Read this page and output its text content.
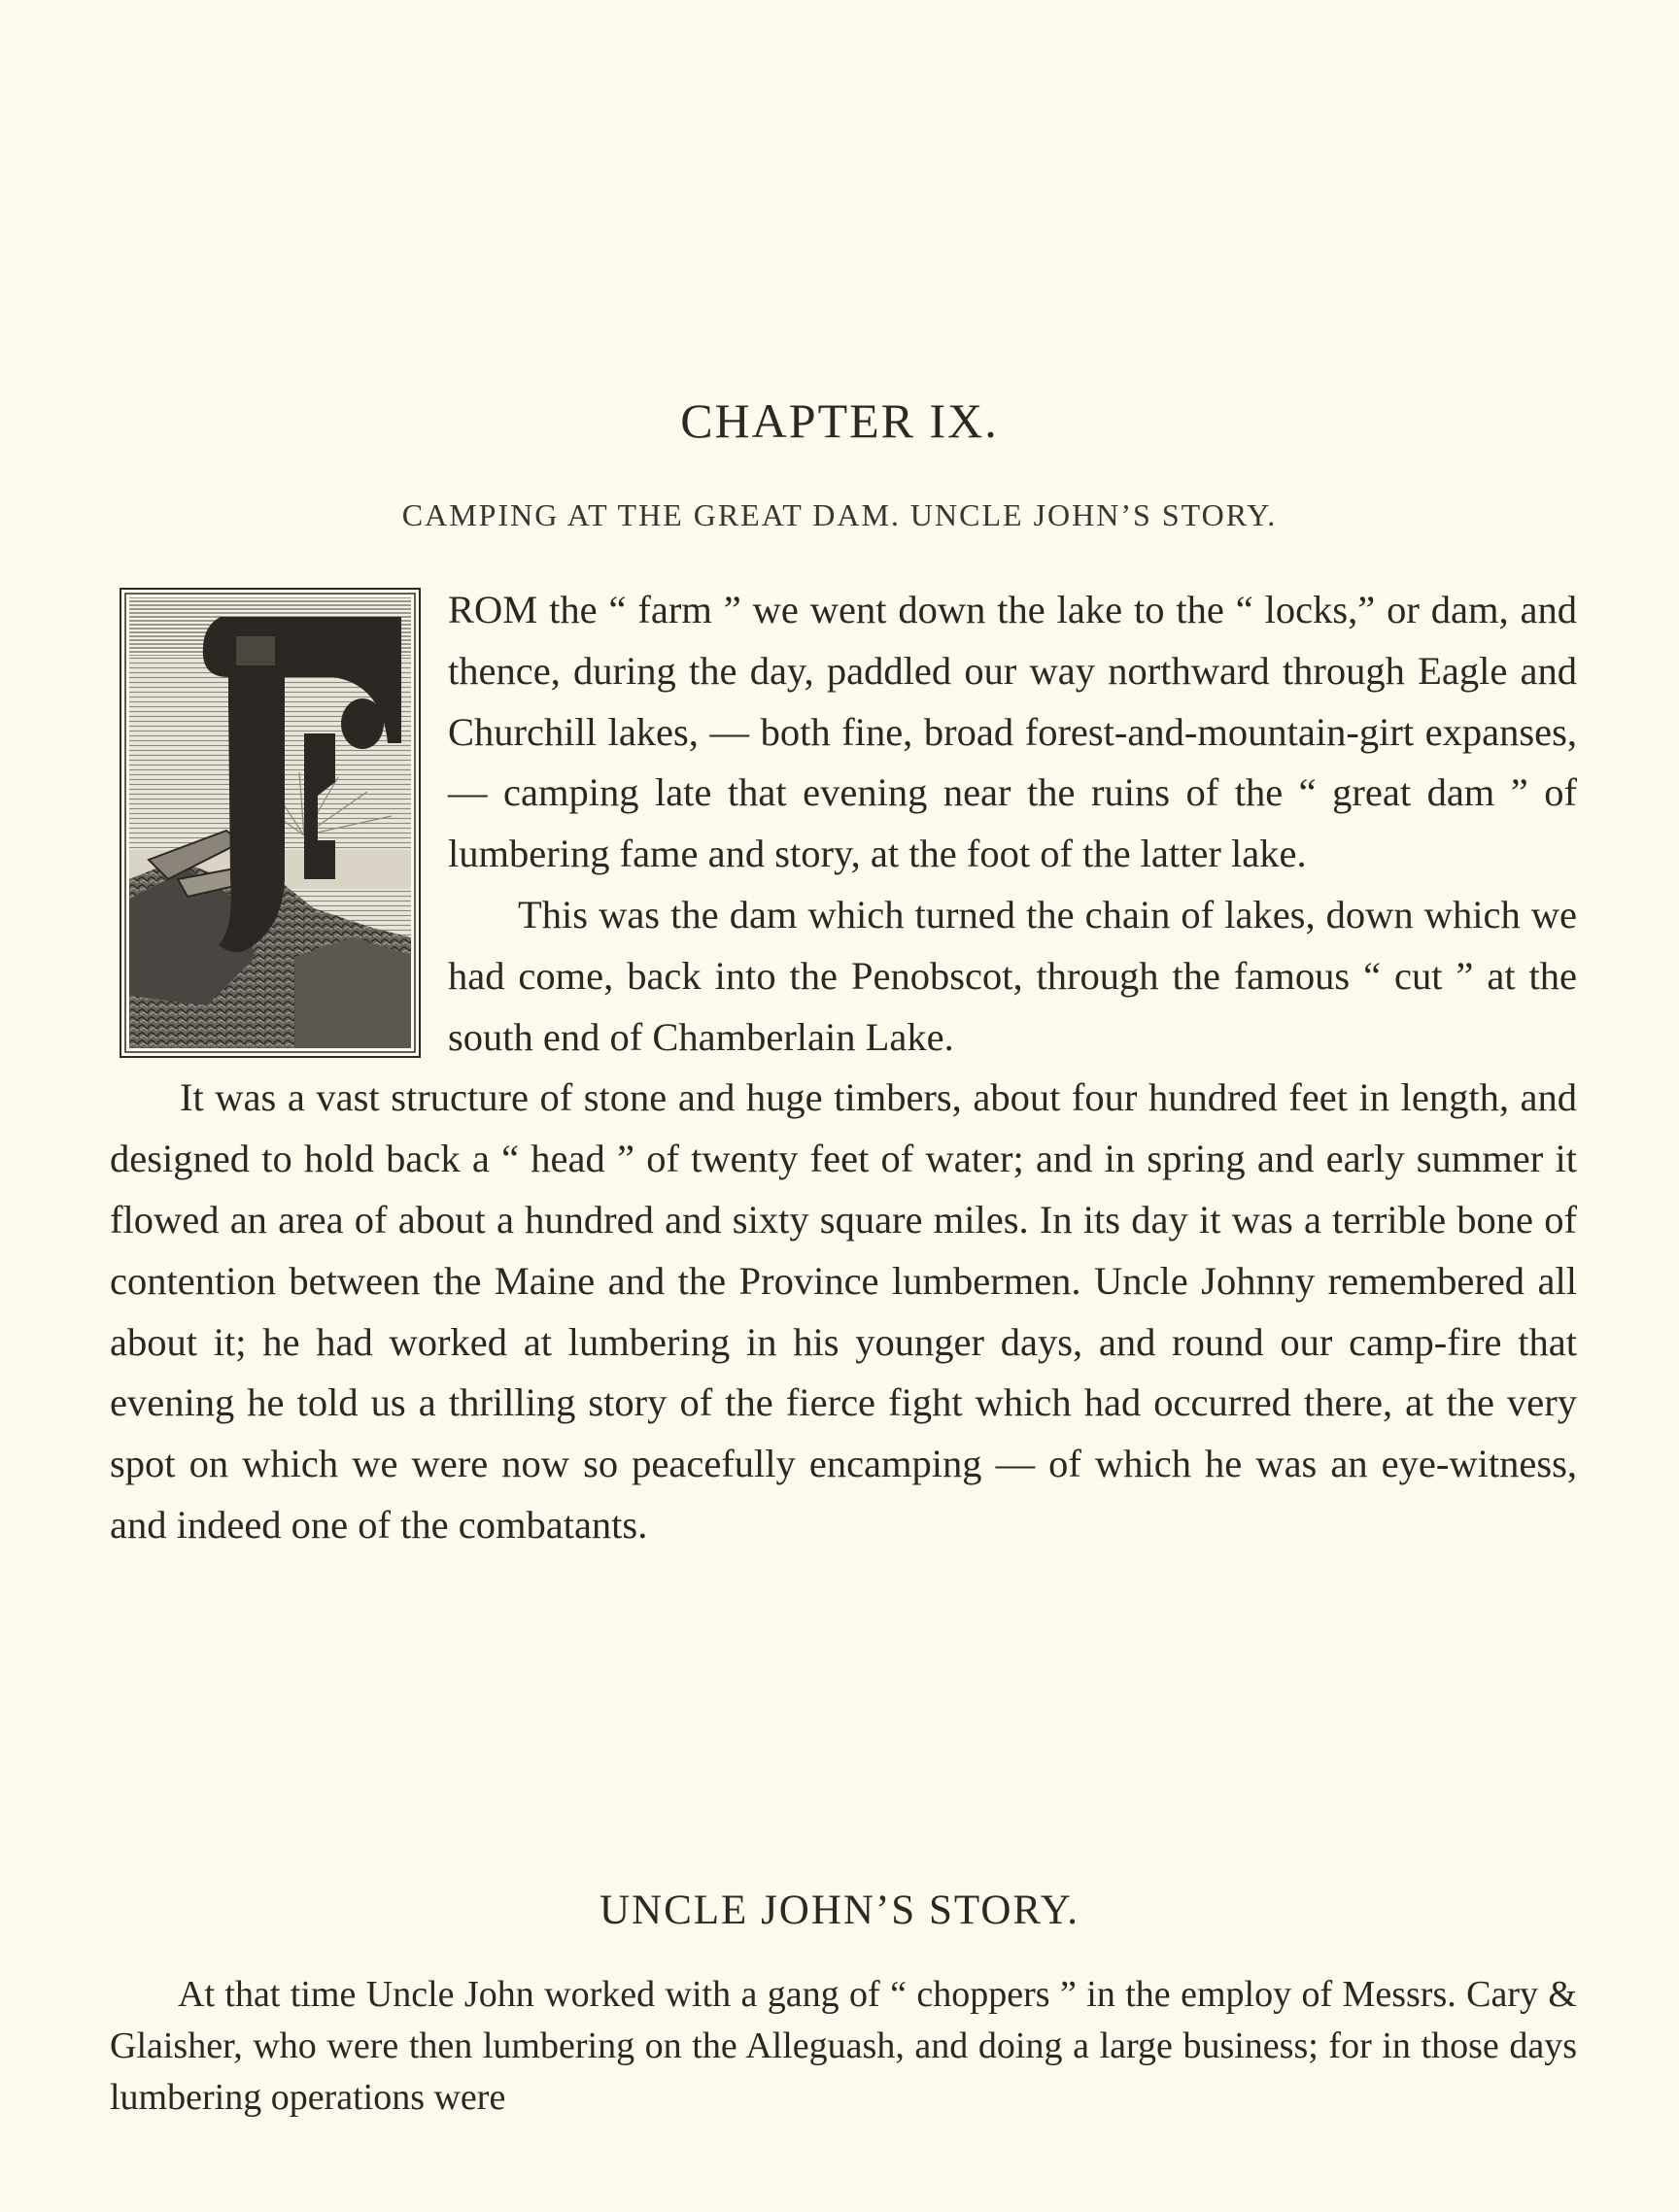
CHAPTER IX.
CAMPING AT THE GREAT DAM. UNCLE JOHN’S STORY.

ROM the “ farm ” we went down the lake to the “ locks,” or dam, and thence, during the day, paddled our way northward through Eagle and Churchill lakes, — both fine, broad forest-and-mountain-girt expanses, — camping late that evening near the ruins of the “ great dam ” of lumbering fame and story, at the foot of the latter lake.

This was the dam which turned the chain of lakes, down which we had come, back into the Penobscot, through the famous “ cut ” at the south end of Chamberlain Lake.

It was a vast structure of stone and huge timbers, about four hundred feet in length, and designed to hold back a “ head ” of twenty feet of water; and in spring and early summer it flowed an area of about a hundred and sixty square miles. In its day it was a terrible bone of contention between the Maine and the Province lumbermen. Uncle Johnny remembered all about it; he had worked at lumbering in his younger days, and round our camp-fire that evening he told us a thrilling story of the fierce fight which had occurred there, at the very spot on which we were now so peacefully encamping — of which he was an eye-witness, and indeed one of the combatants.

UNCLE JOHN’S STORY.

At that time Uncle John worked with a gang of “ choppers ” in the employ of Messrs. Cary & Glaisher, who were then lumbering on the Alleguash, and doing a large business; for in those days lumbering operations were
